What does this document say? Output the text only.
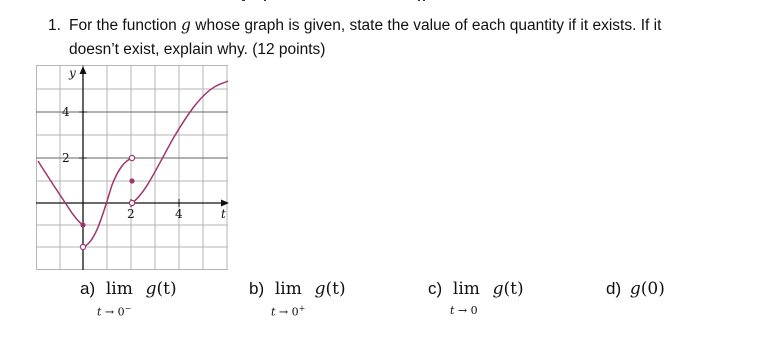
1. For the function g whose graph is given, state the value of each quantity if it exists. If it
doesn’t exist, explain why. (12 points)
y
t
4
2
2	4
a) lim g(t)
t → 0−
b) lim g(t)
t → 0+
c) lim g(t)
t → 0
d) g(0)
